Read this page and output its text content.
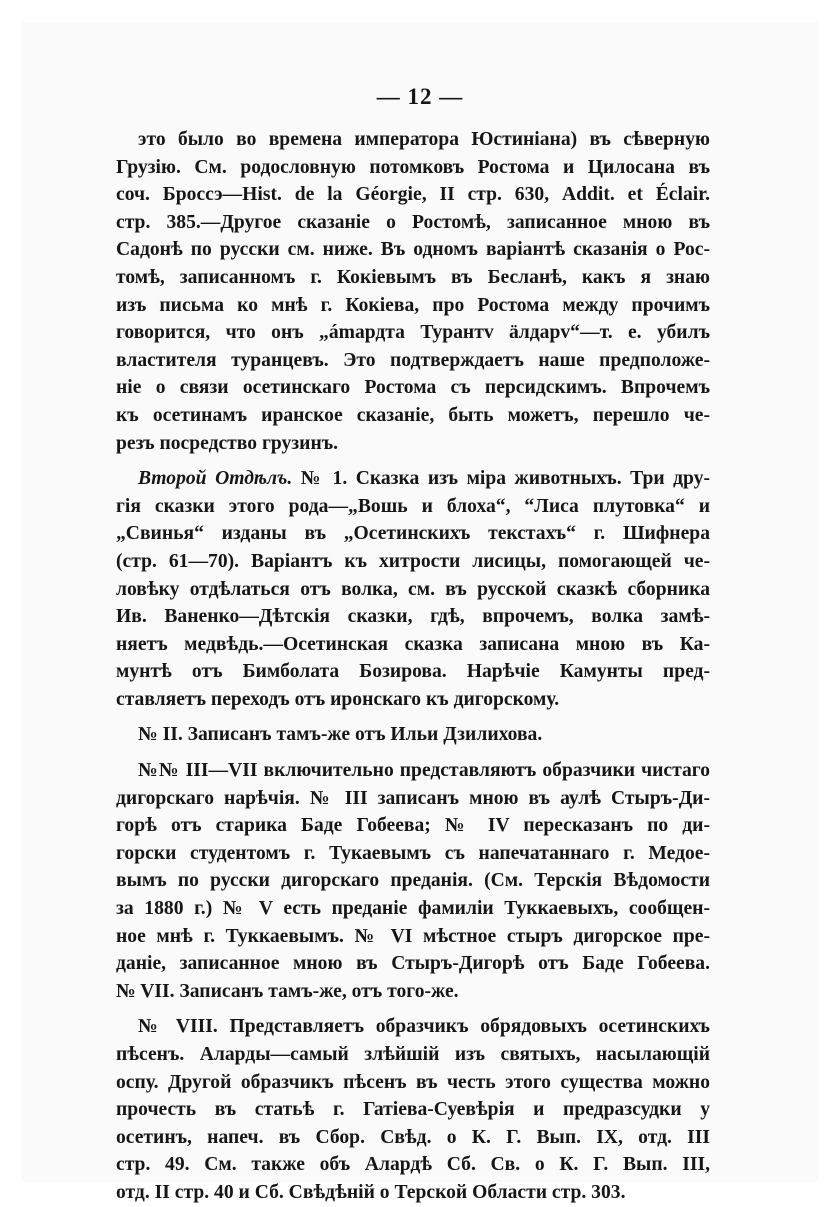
— 12 —
это было во времена императора Юстиніана) въ сѣверную
Грузію. См. родословную потомковъ Ростома и Цилосана въ
соч. Броссэ—Hist. de la Géorgie, II стр. 630, Addit. et Éclair.
стр. 385.—Другое сказаніе о Ростомѣ, записанное мною въ
Садонѣ по русски см. ниже. Въ одномъ варіантѣ сказанія о Рос-
томѣ, записанномъ г. Кокіевымъ въ Бесланѣ, какъ я знаю
изъ письма ко мнѣ г. Кокіева, про Ростома между прочимъ
говорится, что онъ „ámардта Турантv äлдарv“—т. е. убилъ
властителя туранцевъ. Это подтверждаетъ наше предположе-
ніе о связи осетинскаго Ростома съ персидскимъ. Впрочемъ
къ осетинамъ иранское сказаніе, быть можетъ, перешло че-
резъ посредство грузинъ.
Второй Отдѣлъ. № 1. Сказка изъ міра животныхъ. Три дру-
гія сказки этого рода—„Вошь и блоха“, “Лиса плутовка“ и
„Свинья“ изданы въ „Осетинскихъ текстахъ“ г. Шифнера
(стр. 61—70). Варіантъ къ хитрости лисицы, помогающей че-
ловѣку отдѣлаться отъ волка, см. въ русской сказкѣ сборника
Ив. Ваненко—Дѣтскія сказки, гдѣ, впрочемъ, волка замѣ-
няетъ медвѣдь.—Осетинская сказка записана мною въ Ка-
мунтѣ отъ Бимболата Бозирова. Нарѣчіе Камунты пред-
ставляетъ переходъ отъ иронскаго къ дигорскому.
№ II. Записанъ тамъ-же отъ Ильи Дзилихова.
№№ III—VII включительно представляютъ образчики чистаго
дигорскаго нарѣчія. № III записанъ мною въ аулѣ Стыръ-Ди-
горѣ отъ старика Баде Гобеева; № IV пересказанъ по ди-
горски студентомъ г. Тукаевымъ съ напечатаннаго г. Медое-
вымъ по русски дигорскаго преданія. (См. Терскія Вѣдомости
за 1880 г.) № V есть преданіе фамиліи Туккаевыхъ, сообщен-
ное мнѣ г. Туккаевымъ. № VI мѣстное стыръ дигорское пре-
даніе, записанное мною въ Стыръ-Дигорѣ отъ Баде Гобеева.
№ VII. Записанъ тамъ-же, отъ того-же.
№ VIII. Представляетъ образчикъ обрядовыхъ осетинскихъ
пѣсенъ. Аларды—самый злѣйшій изъ святыхъ, насылающій
оспу. Другой образчикъ пѣсенъ въ честь этого существа можно
прочесть въ статьѣ г. Гатіева-Суевѣрія и предразсудки у
осетинъ, напеч. въ Сбор. Свѣд. о К. Г. Вып. IX, отд. III
стр. 49. См. также объ Алардѣ Сб. Св. о К. Г. Вып. III,
отд. II стр. 40 и Сб. Свѣдѣній о Терской Области стр. 303.
